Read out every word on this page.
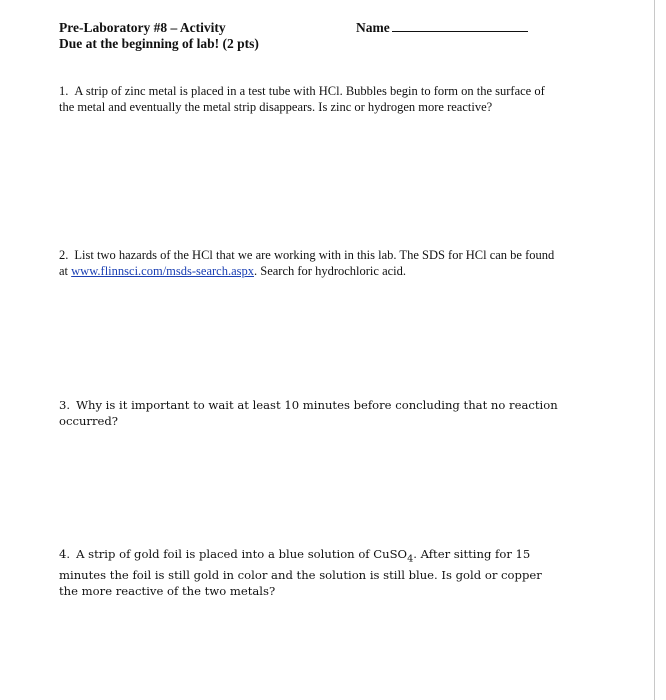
Pre-Laboratory #8 – Activity
Due at the beginning of lab! (2 pts)
Name
1. A strip of zinc metal is placed in a test tube with HCl. Bubbles begin to form on the surface of the metal and eventually the metal strip disappears. Is zinc or hydrogen more reactive?
2. List two hazards of the HCl that we are working with in this lab. The SDS for HCl can be found at www.flinnsci.com/msds-search.aspx. Search for hydrochloric acid.
3. Why is it important to wait at least 10 minutes before concluding that no reaction occurred?
4. A strip of gold foil is placed into a blue solution of CuSO$_4$. After sitting for 15 minutes the foil is still gold in color and the solution is still blue. Is gold or copper the more reactive of the two metals?
